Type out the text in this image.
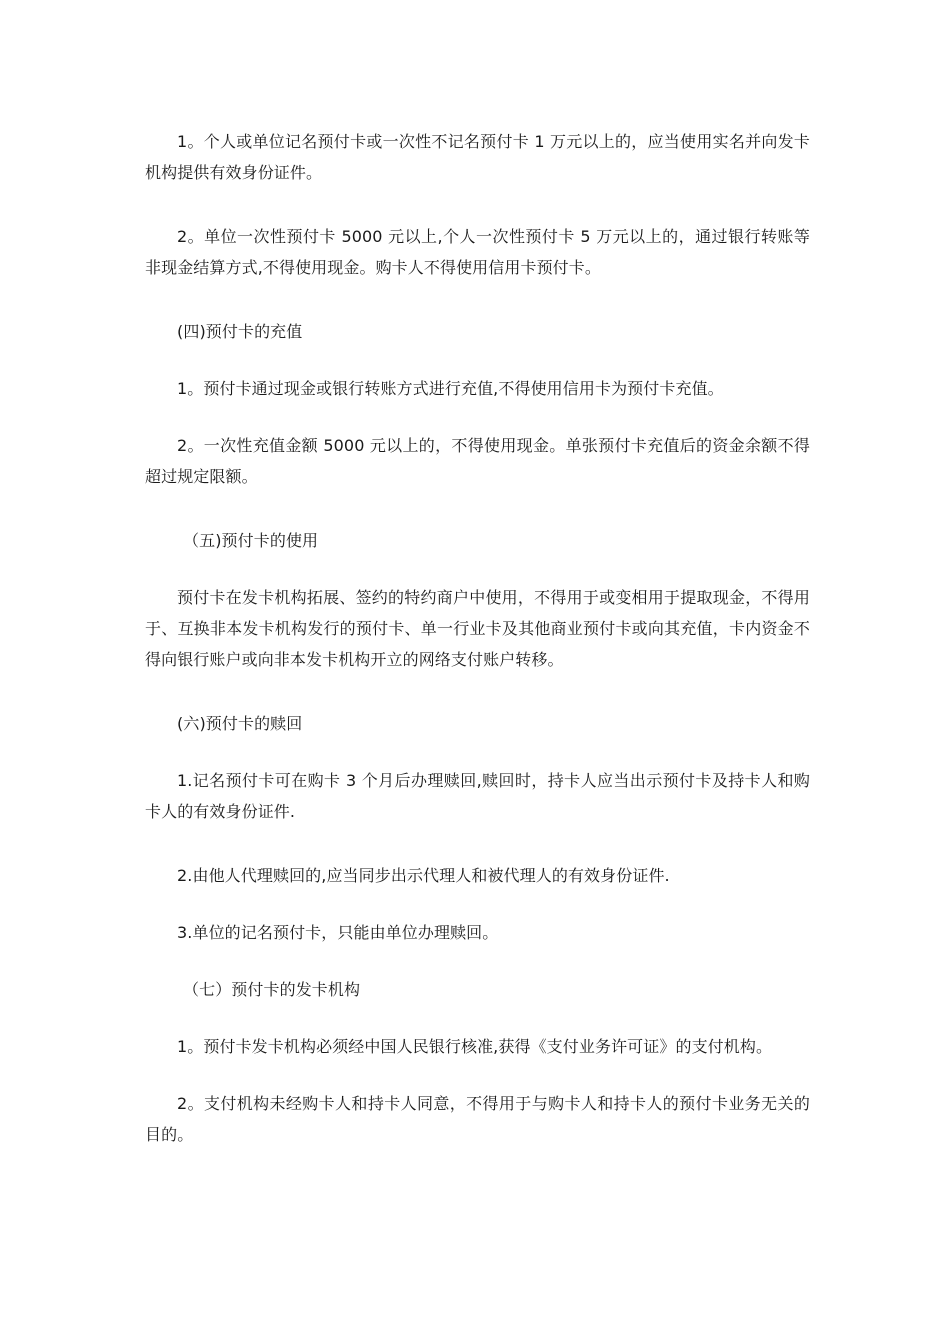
1。个人或单位记名预付卡或一次性不记名预付卡 1 万元以上的，应当使用实名并向发卡机构提供有效身份证件。

2。单位一次性预付卡 5000 元以上,个人一次性预付卡 5 万元以上的，通过银行转账等非现金结算方式,不得使用现金。购卡人不得使用信用卡预付卡。

(四)预付卡的充值

1。预付卡通过现金或银行转账方式进行充值,不得使用信用卡为预付卡充值。

2。一次性充值金额 5000 元以上的，不得使用现金。单张预付卡充值后的资金余额不得超过规定限额。

（五)预付卡的使用

预付卡在发卡机构拓展、签约的特约商户中使用，不得用于或变相用于提取现金，不得用于、互换非本发卡机构发行的预付卡、单一行业卡及其他商业预付卡或向其充值，卡内资金不得向银行账户或向非本发卡机构开立的网络支付账户转移。

(六)预付卡的赎回

1.记名预付卡可在购卡 3 个月后办理赎回,赎回时，持卡人应当出示预付卡及持卡人和购卡人的有效身份证件.

2.由他人代理赎回的,应当同步出示代理人和被代理人的有效身份证件.

3.单位的记名预付卡，只能由单位办理赎回。

（七）预付卡的发卡机构

1。预付卡发卡机构必须经中国人民银行核准,获得《支付业务许可证》的支付机构。

2。支付机构未经购卡人和持卡人同意，不得用于与购卡人和持卡人的预付卡业务无关的目的。
